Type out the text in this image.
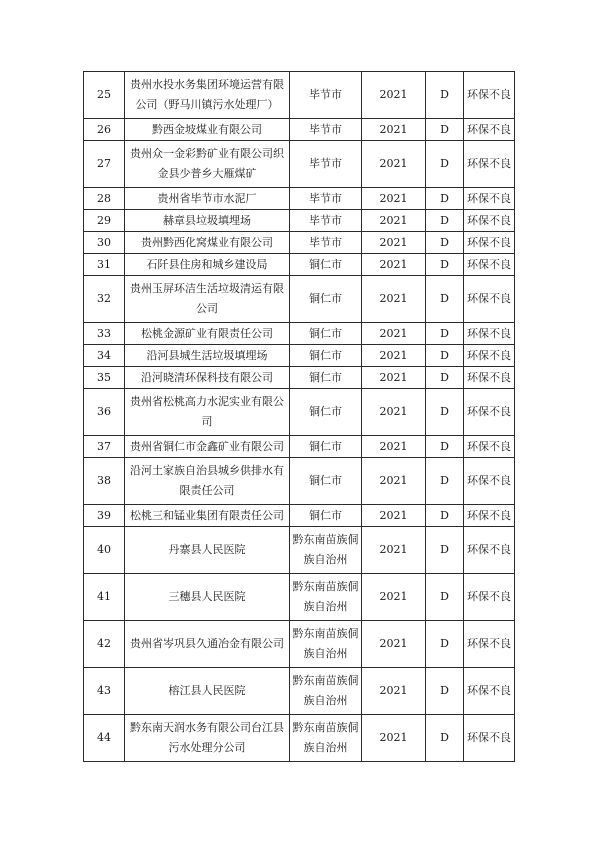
25	贵州水投水务集团环境运营有限公司（野马川镇污水处理厂）	毕节市	2021	D	环保不良
26	黔西金坡煤业有限公司	毕节市	2021	D	环保不良
27	贵州众一金彩黔矿业有限公司织金县少普乡大雁煤矿	毕节市	2021	D	环保不良
28	贵州省毕节市水泥厂	毕节市	2021	D	环保不良
29	赫章县垃圾填埋场	毕节市	2021	D	环保不良
30	贵州黔西化窝煤业有限公司	毕节市	2021	D	环保不良
31	石阡县住房和城乡建设局	铜仁市	2021	D	环保不良
32	贵州玉屏环洁生活垃圾清运有限公司	铜仁市	2021	D	环保不良
33	松桃金源矿业有限责任公司	铜仁市	2021	D	环保不良
34	沿河县城生活垃圾填埋场	铜仁市	2021	D	环保不良
35	沿河晓清环保科技有限公司	铜仁市	2021	D	环保不良
36	贵州省松桃高力水泥实业有限公司	铜仁市	2021	D	环保不良
37	贵州省铜仁市金鑫矿业有限公司	铜仁市	2021	D	环保不良
38	沿河土家族自治县城乡供排水有限责任公司	铜仁市	2021	D	环保不良
39	松桃三和锰业集团有限责任公司	铜仁市	2021	D	环保不良
40	丹寨县人民医院	黔东南苗族侗族自治州	2021	D	环保不良
41	三穗县人民医院	黔东南苗族侗族自治州	2021	D	环保不良
42	贵州省岑巩县久通冶金有限公司	黔东南苗族侗族自治州	2021	D	环保不良
43	榕江县人民医院	黔东南苗族侗族自治州	2021	D	环保不良
44	黔东南天润水务有限公司台江县污水处理分公司	黔东南苗族侗族自治州	2021	D	环保不良
